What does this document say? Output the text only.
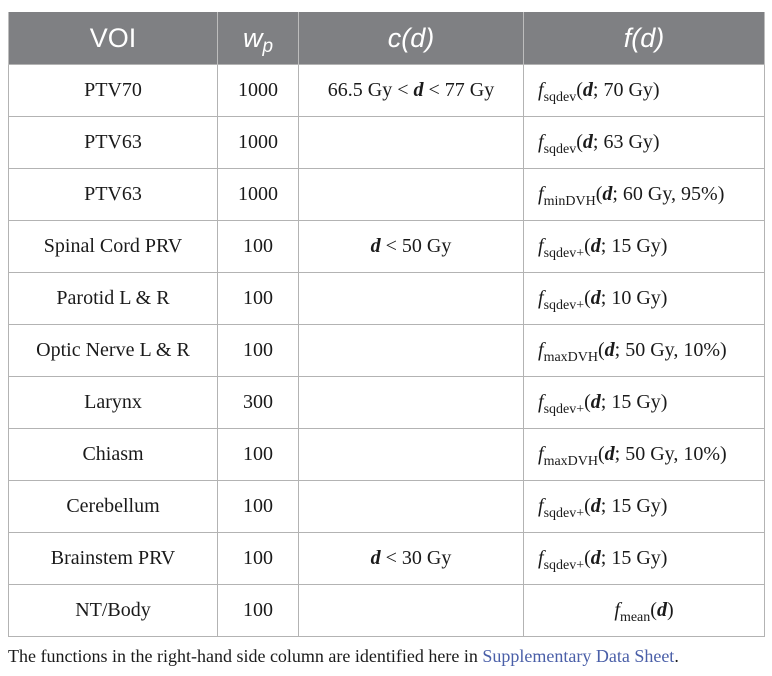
VOI	$w_p$	c(d)	f(d)
PTV70	1000	66.5 Gy < d < 77 Gy	$f_{sqdev}(d$; 70 Gy)
PTV63	1000		$f_{sqdev}(d$; 63 Gy)
PTV63	1000		$f_{minDVH}(d$; 60 Gy, 95%)
Spinal Cord PRV	100	d < 50 Gy	$f_{sqdev+}(d$; 15 Gy)
Parotid L & R	100		$f_{sqdev+}(d$; 10 Gy)
Optic Nerve L & R	100		$f_{maxDVH}(d$; 50 Gy, 10%)
Larynx	300		$f_{sqdev+}(d$; 15 Gy)
Chiasm	100		$f_{maxDVH}(d$; 50 Gy, 10%)
Cerebellum	100		$f_{sqdev+}(d$; 15 Gy)
Brainstem PRV	100	d < 30 Gy	$f_{sqdev+}(d$; 15 Gy)
NT/Body	100		$f_{mean}(d)$
The functions in the right-hand side column are identified here in Supplementary Data Sheet.
